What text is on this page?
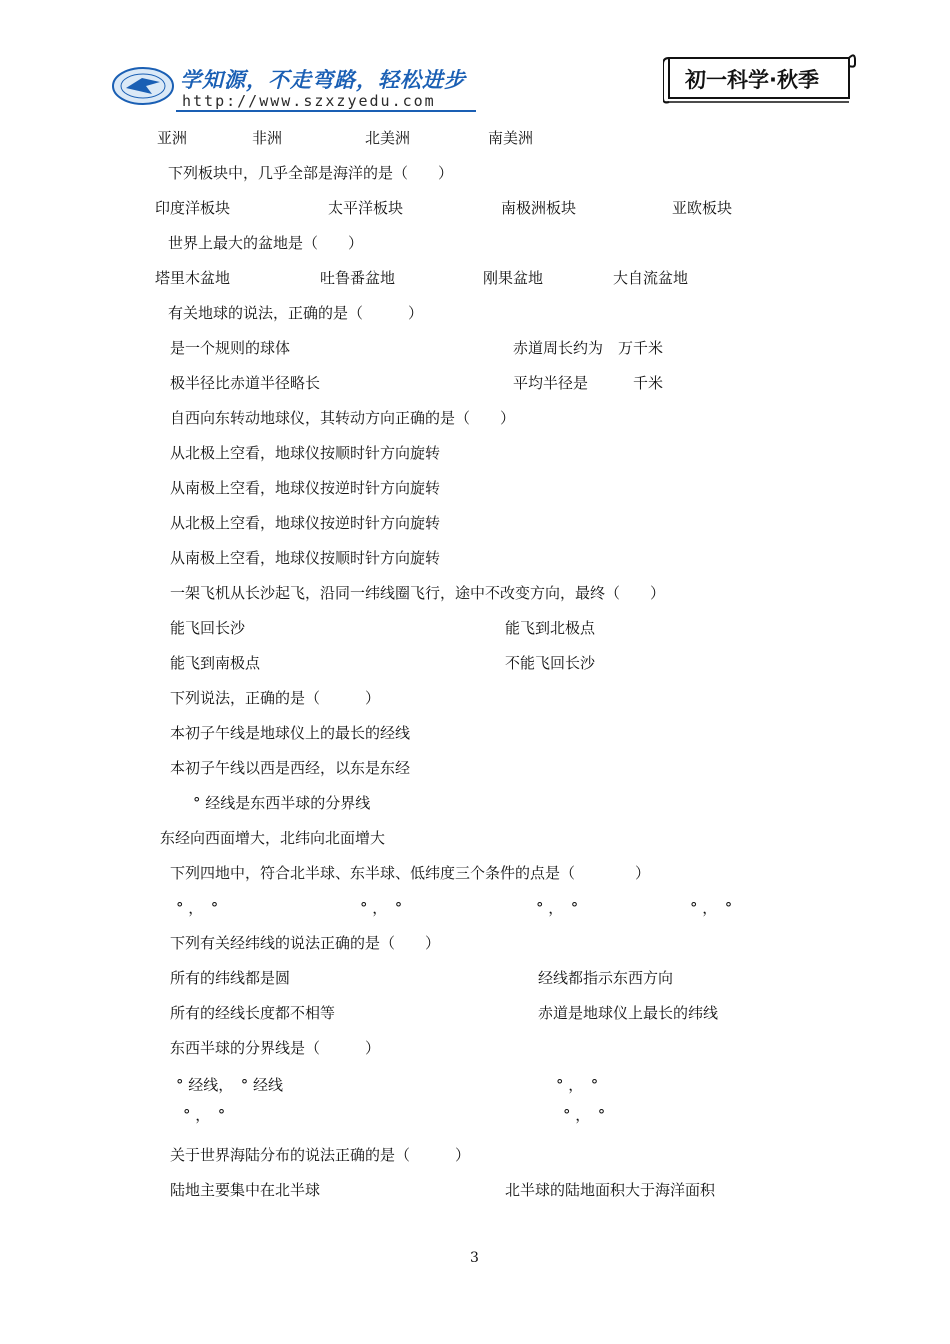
学知源，不走弯路，轻松进步
http://www.szxzyedu.com
初一科学·秋季
亚洲	非洲	北美洲	南美洲
下列板块中，几乎全部是海洋的是（　　）
印度洋板块	太平洋板块	南极洲板块	亚欧板块
世界上最大的盆地是（　　）
塔里木盆地	吐鲁番盆地	刚果盆地	大自流盆地
有关地球的说法，正确的是（　　　）
是一个规则的球体	赤道周长约为　万千米
极半径比赤道半径略长	平均半径是　　　千米
自西向东转动地球仪，其转动方向正确的是（　　）
从北极上空看，地球仪按顺时针方向旋转
从南极上空看，地球仪按逆时针方向旋转
从北极上空看，地球仪按逆时针方向旋转
从南极上空看，地球仪按顺时针方向旋转
一架飞机从长沙起飞，沿同一纬线圈飞行，途中不改变方向，最终（　　）
能飞回长沙	能飞到北极点
能飞到南极点	不能飞回长沙
下列说法，正确的是（　　　）
本初子午线是地球仪上的最长的经线
本初子午线以西是西经，以东是东经
° 经线是东西半球的分界线
东经向西面增大，北纬向北面增大
下列四地中，符合北半球、东半球、低纬度三个条件的点是（　　　　）
° ，　°	° ，　°	° ，　°	° ，　°
下列有关经纬线的说法正确的是（　　）
所有的纬线都是圆	经线都指示东西方向
所有的经线长度都不相等	赤道是地球仪上最长的纬线
东西半球的分界线是（　　　）
° 经线，　° 经线	° ，　°
° ，　°	° ，　°
关于世界海陆分布的说法正确的是（　　　）
陆地主要集中在北半球	北半球的陆地面积大于海洋面积
3
